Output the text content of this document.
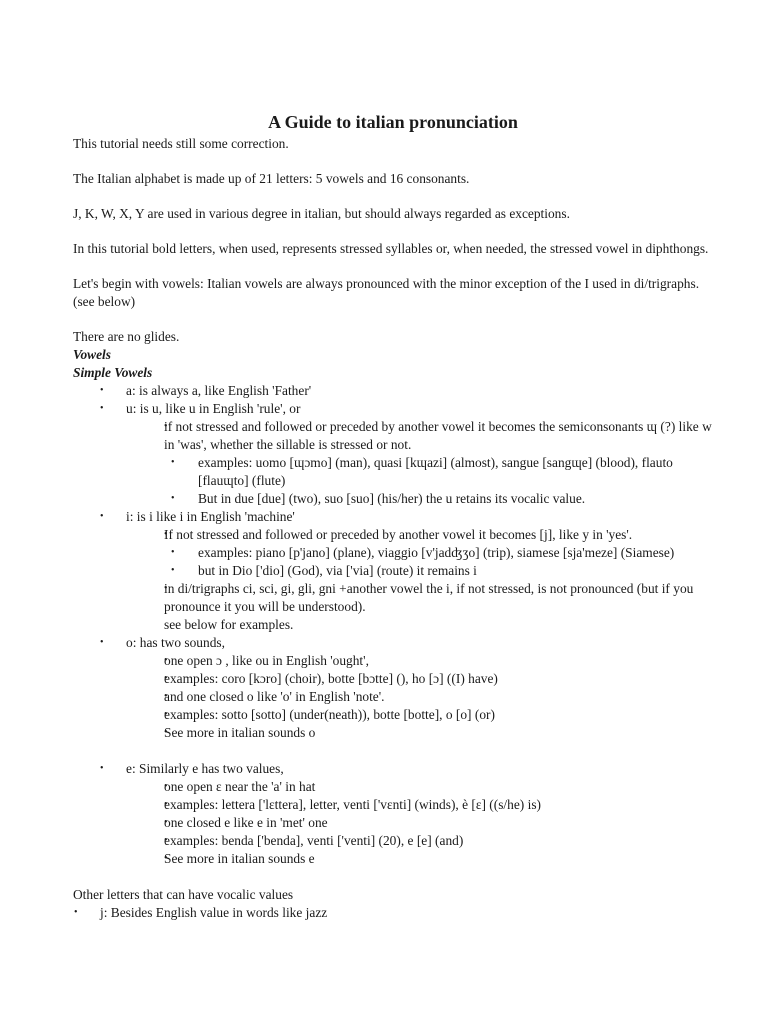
A Guide to italian pronunciation

This tutorial needs still some correction.

The Italian alphabet is made up of 21 letters: 5 vowels and 16 consonants.

J, K, W, X, Y are used in various degree in italian, but should always regarded as exceptions.

In this tutorial bold letters, when used, represents stressed syllables or, when needed, the stressed vowel in diphthongs.

Let's begin with vowels: Italian vowels are always pronounced with the minor exception of the I used in di/trigraphs. (see below)

There are no glides.

Vowels
Simple Vowels
• a: is always a, like English 'Father'
• u: is u, like u in English 'rule', or
• if not stressed and followed or preceded by another vowel it becomes the semiconsonants ɰ (?) like w in 'was', whether the sillable is stressed or not.
• examples: uomo [ɰɔmo] (man), quasi [kɰazi] (almost), sangue [sangɰe] (blood), flauto [flauɰto] (flute)
• But in due [due] (two), suo [suo] (his/her) the u retains its vocalic value.
• i: is i like i in English 'machine'
• If not stressed and followed or preceded by another vowel it becomes [j], like y in 'yes'.
• examples: piano [p'jano] (plane), viaggio [v'jadʤʒo] (trip), siamese [sja'meze] (Siamese)
• but in Dio ['dio] (God), via ['via] (route) it remains i
• in di/trigraphs ci, sci, gi, gli, gni +another vowel the i, if not stressed, is not pronounced (but if you pronounce it you will be understood).
see below for examples.
• o: has two sounds,
• one open ɔ , like ou in English 'ought',
• examples: coro [kɔro] (choir), botte [bɔtte] (), ho [ɔ] ((I) have)
• and one closed o like 'o' in English 'note'.
• examples: sotto [sotto] (under(neath)), botte [botte], o [o] (or)
• See more in italian sounds o
• e: Similarly e has two values,
• one open ɛ near the 'a' in hat
• examples: lettera ['lɛttera], letter, venti ['vɛnti] (winds), è [ɛ] ((s/he) is)
• one closed e like e in 'met' one
• examples: benda ['benda], venti ['venti] (20), e [e] (and)
• See more in italian sounds e
Other letters that can have vocalic values
• j: Besides English value in words like jazz
